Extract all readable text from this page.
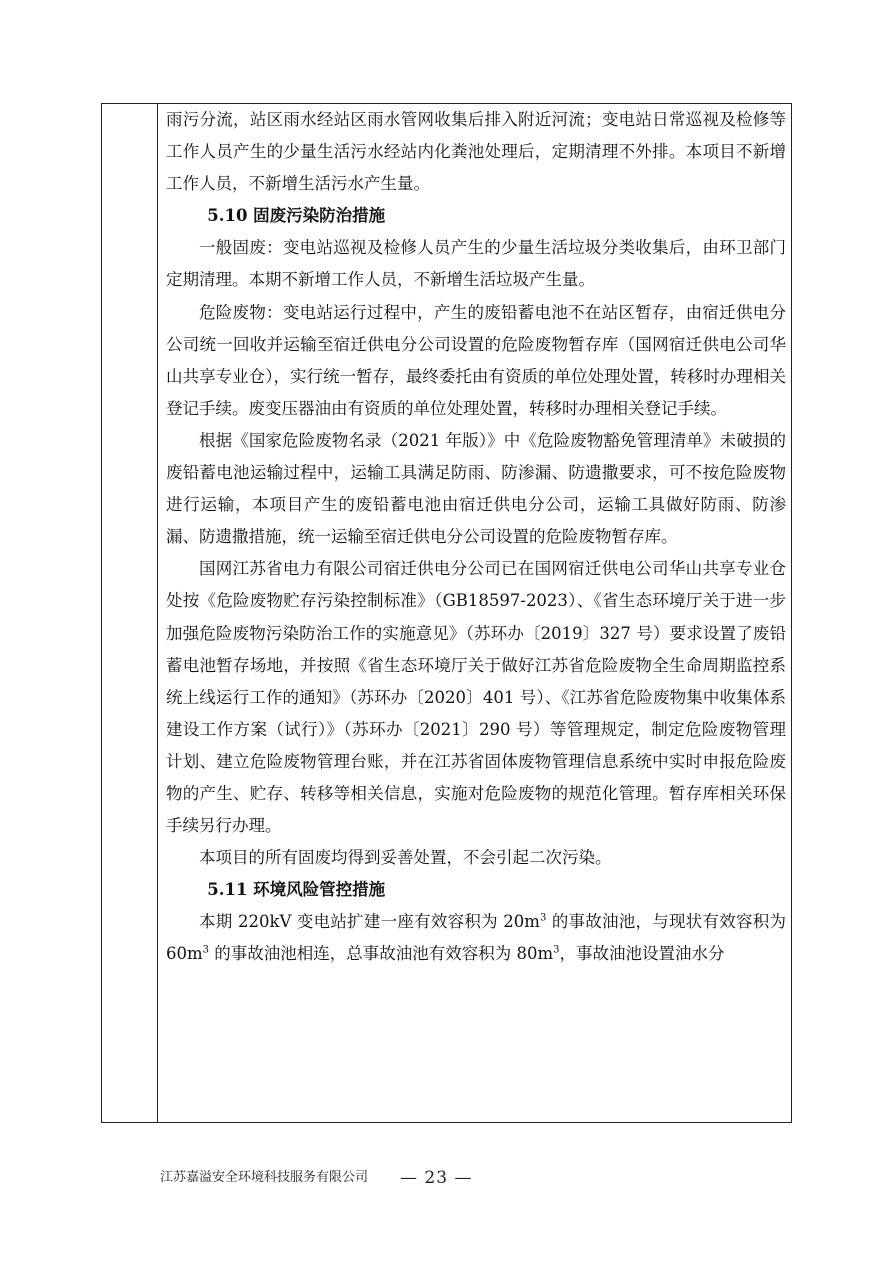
雨污分流，站区雨水经站区雨水管网收集后排入附近河流；变电站日常巡视及检修等工作人员产生的少量生活污水经站内化粪池处理后，定期清理不外排。本项目不新增工作人员，不新增生活污水产生量。

5.10 固废污染防治措施

一般固废：变电站巡视及检修人员产生的少量生活垃圾分类收集后，由环卫部门定期清理。本期不新增工作人员，不新增生活垃圾产生量。

危险废物：变电站运行过程中，产生的废铅蓄电池不在站区暂存，由宿迁供电分公司统一回收并运输至宿迁供电分公司设置的危险废物暂存库（国网宿迁供电公司华山共享专业仓），实行统一暂存，最终委托由有资质的单位处理处置，转移时办理相关登记手续。废变压器油由有资质的单位处理处置，转移时办理相关登记手续。

根据《国家危险废物名录（2021 年版）》中《危险废物豁免管理清单》未破损的废铅蓄电池运输过程中，运输工具满足防雨、防渗漏、防遗撒要求，可不按危险废物进行运输，本项目产生的废铅蓄电池由宿迁供电分公司，运输工具做好防雨、防渗漏、防遗撒措施，统一运输至宿迁供电分公司设置的危险废物暂存库。

国网江苏省电力有限公司宿迁供电分公司已在国网宿迁供电公司华山共享专业仓处按《危险废物贮存污染控制标准》（GB18597-2023）、《省生态环境厅关于进一步加强危险废物污染防治工作的实施意见》（苏环办〔2019〕327 号）要求设置了废铅蓄电池暂存场地，并按照《省生态环境厅关于做好江苏省危险废物全生命周期监控系统上线运行工作的通知》（苏环办〔2020〕401 号）、《江苏省危险废物集中收集体系建设工作方案（试行）》（苏环办〔2021〕290 号）等管理规定，制定危险废物管理计划、建立危险废物管理台账，并在江苏省固体废物管理信息系统中实时申报危险废物的产生、贮存、转移等相关信息，实施对危险废物的规范化管理。暂存库相关环保手续另行办理。

本项目的所有固废均得到妥善处置，不会引起二次污染。

5.11 环境风险管控措施

本期 220kV 变电站扩建一座有效容积为 $20m^3$ 的事故油池，与现状有效容积为 $60m^3$ 的事故油池相连，总事故油池有效容积为 $80m^3$，事故油池设置油水分

江苏嘉溢安全环境科技服务有限公司 — 23 —
